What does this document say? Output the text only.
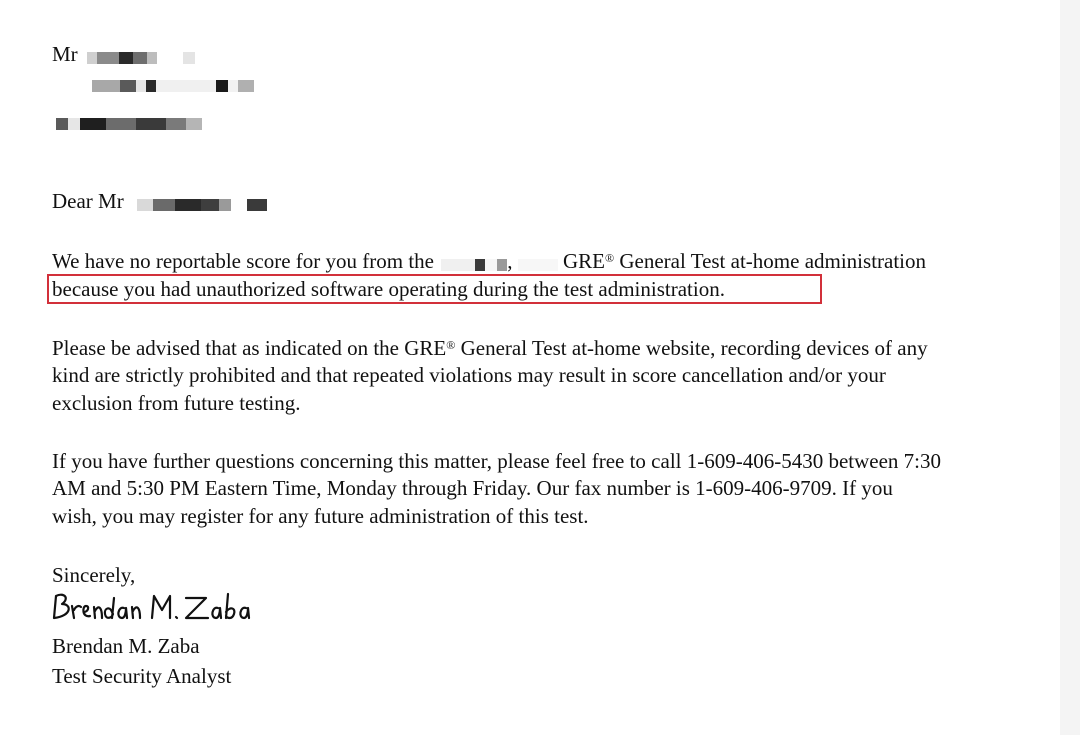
Mr
Dear Mr
We have no reportable score for you from the	, GRE® General Test at-home administration
because you had unauthorized software operating during the test administration.
Please be advised that as indicated on the GRE® General Test at-home website, recording devices of any
kind are strictly prohibited and that repeated violations may result in score cancellation and/or your
exclusion from future testing.
If you have further questions concerning this matter, please feel free to call 1-609-406-5430 between 7:30
AM and 5:30 PM Eastern Time, Monday through Friday. Our fax number is 1-609-406-9709. If you
wish, you may register for any future administration of this test.
Sincerely,
Brendan M. Zaba
Test Security Analyst
